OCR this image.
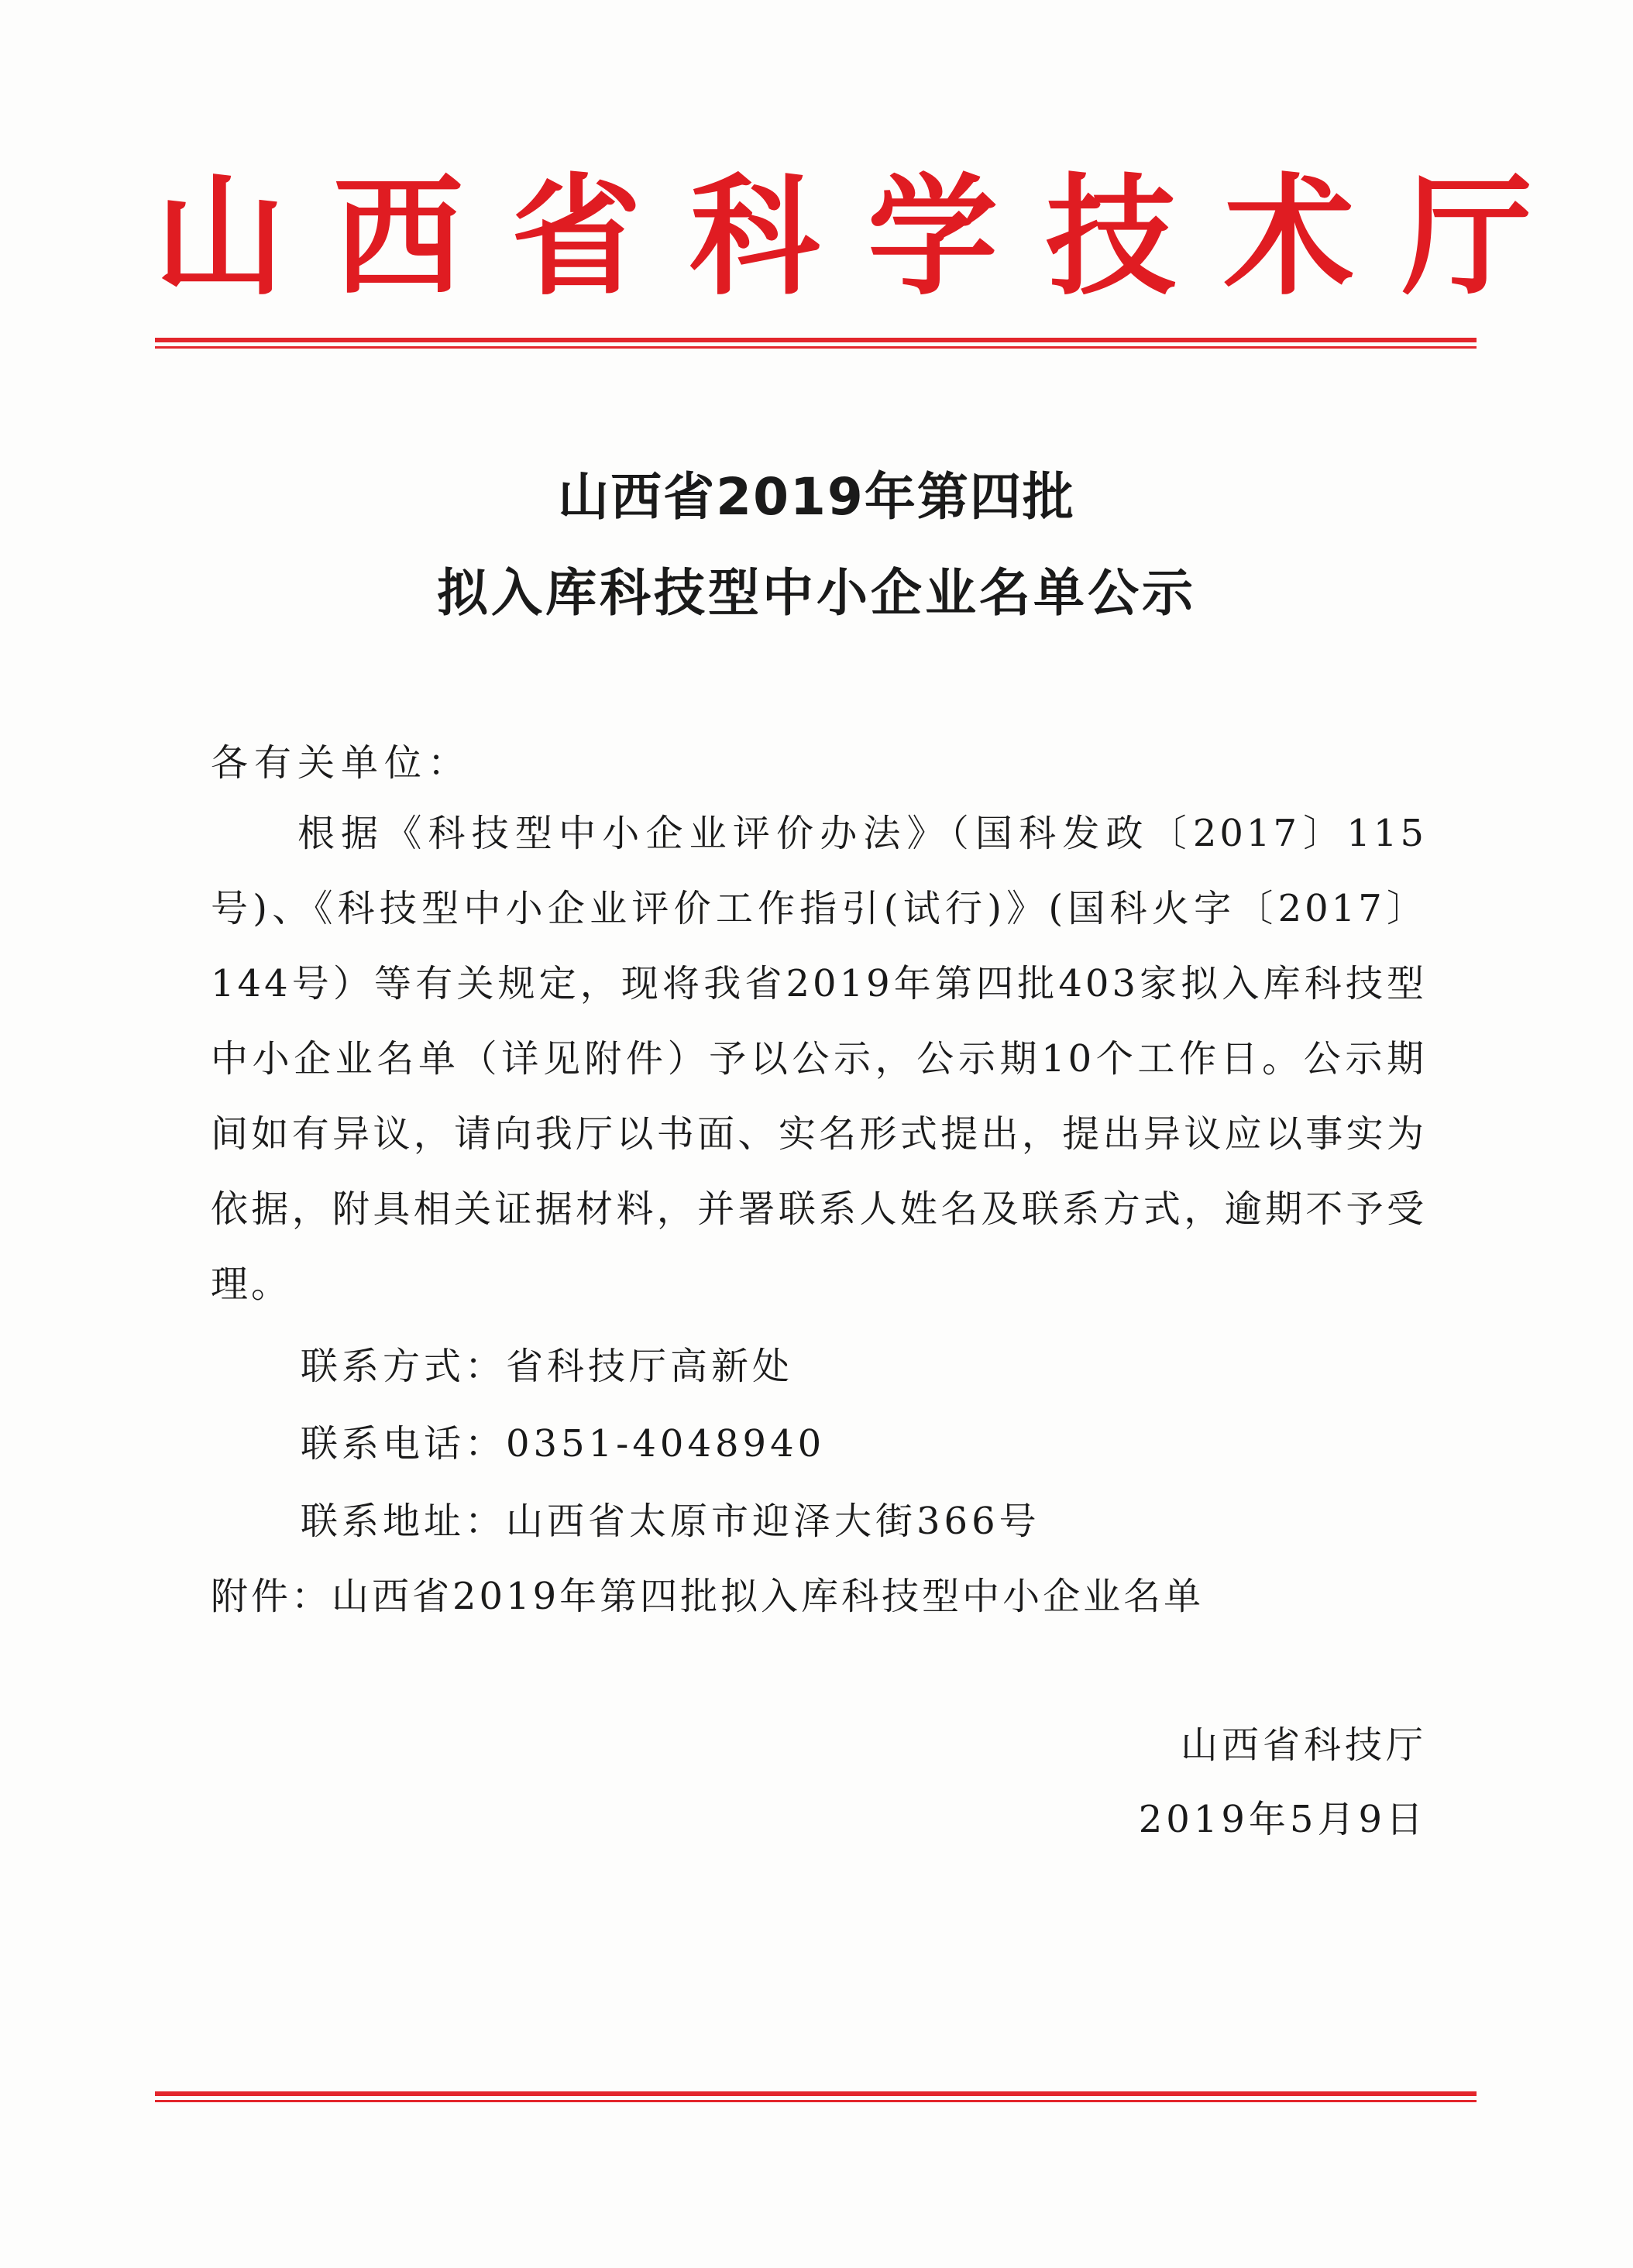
山西省科学技术厅
山西省2019年第四批
拟入库科技型中小企业名单公示
各有关单位：
根据《科技型中小企业评价办法》（国科发政〔2017〕115号)、《科技型中小企业评价工作指引(试行)》(国科火字〔2017〕144号）等有关规定，现将我省2019年第四批403家拟入库科技型中小企业名单（详见附件）予以公示，公示期10个工作日。公示期间如有异议，请向我厅以书面、实名形式提出，提出异议应以事实为依据，附具相关证据材料，并署联系人姓名及联系方式，逾期不予受理。
联系方式：省科技厅高新处
联系电话：0351-4048940
联系地址：山西省太原市迎泽大街366号
附件：山西省2019年第四批拟入库科技型中小企业名单
山西省科技厅
2019年5月9日
